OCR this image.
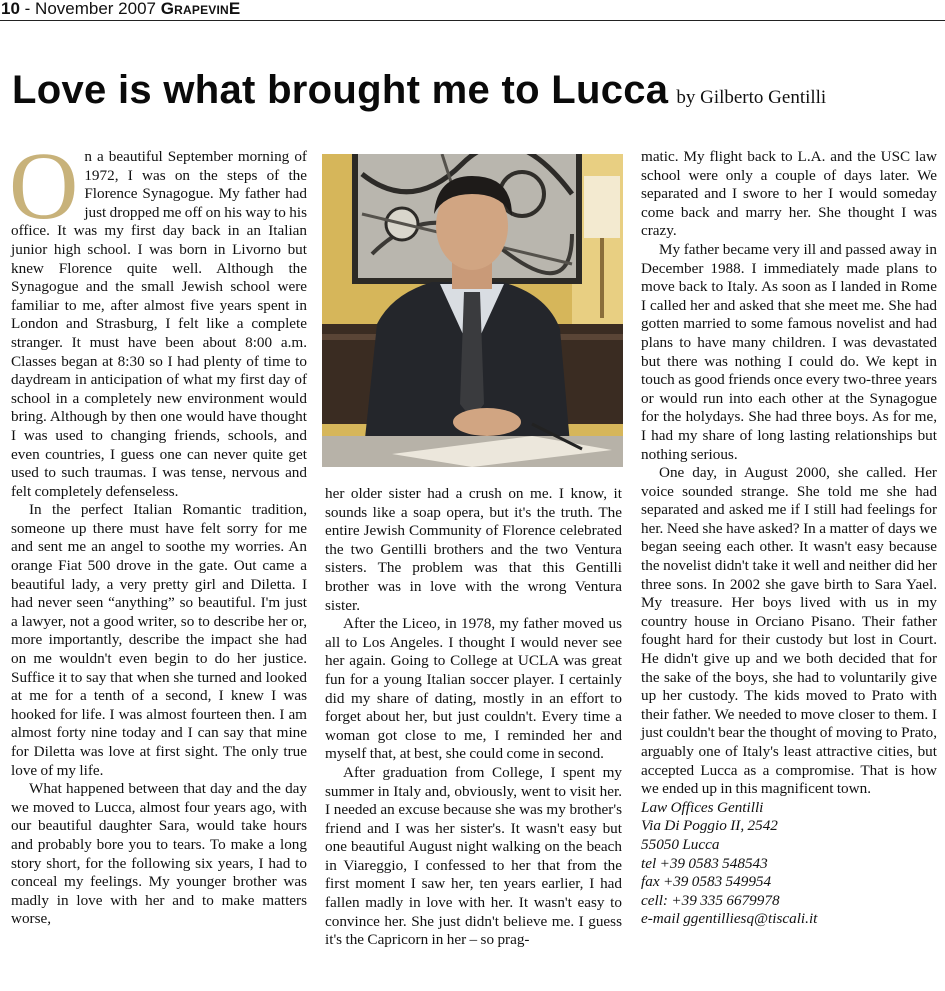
10 - November 2007 GrapevinE
Love is what brought me to Lucca by Gilberto Gentilli

On a beautiful September morning of 1972, I was on the steps of the Florence Synagogue. My father had just dropped me off on his way to his office. It was my first day back in an Italian junior high school. I was born in Livorno but knew Florence quite well. Although the Synagogue and the small Jewish school were familiar to me, after almost five years spent in London and Strasburg, I felt like a complete stranger. It must have been about 8:00 a.m. Classes began at 8:30 so I had plenty of time to daydream in anticipation of what my first day of school in a completely new environment would bring. Although by then one would have thought I was used to changing friends, schools, and even countries, I guess one can never quite get used to such traumas. I was tense, nervous and felt completely defenseless.

In the perfect Italian Romantic tradition, someone up there must have felt sorry for me and sent me an angel to soothe my worries. An orange Fiat 500 drove in the gate. Out came a beautiful lady, a very pretty girl and Diletta. I had never seen “anything” so beautiful. I'm just a lawyer, not a good writer, so to describe her or, more importantly, describe the impact she had on me wouldn't even begin to do her justice. Suffice it to say that when she turned and looked at me for a tenth of a second, I knew I was hooked for life. I was almost fourteen then. I am almost forty nine today and I can say that mine for Diletta was love at first sight. The only true love of my life.

What happened between that day and the day we moved to Lucca, almost four years ago, with our beautiful daughter Sara, would take hours and probably bore you to tears. To make a long story short, for the following six years, I had to conceal my feelings. My younger brother was madly in love with her and to make matters worse,

her older sister had a crush on me. I know, it sounds like a soap opera, but it's the truth. The entire Jewish Community of Florence celebrated the two Gentilli brothers and the two Ventura sisters. The problem was that this Gentilli brother was in love with the wrong Ventura sister.

After the Liceo, in 1978, my father moved us all to Los Angeles. I thought I would never see her again. Going to College at UCLA was great fun for a young Italian soccer player. I certainly did my share of dating, mostly in an effort to forget about her, but just couldn't. Every time a woman got close to me, I reminded her and myself that, at best, she could come in second.

After graduation from College, I spent my summer in Italy and, obviously, went to visit her. I needed an excuse because she was my brother's friend and I was her sister's. It wasn't easy but one beautiful August night walking on the beach in Viareggio, I confessed to her that from the first moment I saw her, ten years earlier, I had fallen madly in love with her. It wasn't easy to convince her. She just didn't believe me. I guess it's the Capricorn in her – so prag-

matic. My flight back to L.A. and the USC law school were only a couple of days later. We separated and I swore to her I would someday come back and marry her. She thought I was crazy.

My father became very ill and passed away in December 1988. I immediately made plans to move back to Italy. As soon as I landed in Rome I called her and asked that she meet me. She had gotten married to some famous novelist and had plans to have many children. I was devastated but there was nothing I could do. We kept in touch as good friends once every two-three years or would run into each other at the Synagogue for the holydays. She had three boys. As for me, I had my share of long lasting relationships but nothing serious.

One day, in August 2000, she called. Her voice sounded strange. She told me she had separated and asked me if I still had feelings for her. Need she have asked? In a matter of days we began seeing each other. It wasn't easy because the novelist didn't take it well and neither did her three sons. In 2002 she gave birth to Sara Yael. My treasure. Her boys lived with us in my country house in Orciano Pisano. Their father fought hard for their custody but lost in Court. He didn't give up and we both decided that for the sake of the boys, she had to voluntarily give up her custody. The kids moved to Prato with their father. We needed to move closer to them. I just couldn't bear the thought of moving to Prato, arguably one of Italy's least attractive cities, but accepted Lucca as a compromise. That is how we ended up in this magnificent town.

Law Offices Gentilli

Via Di Poggio II, 2542

55050 Lucca

tel +39 0583 548543

fax +39 0583 549954

cell: +39 335 6679978

e-mail ggentilliesq@tiscali.it
